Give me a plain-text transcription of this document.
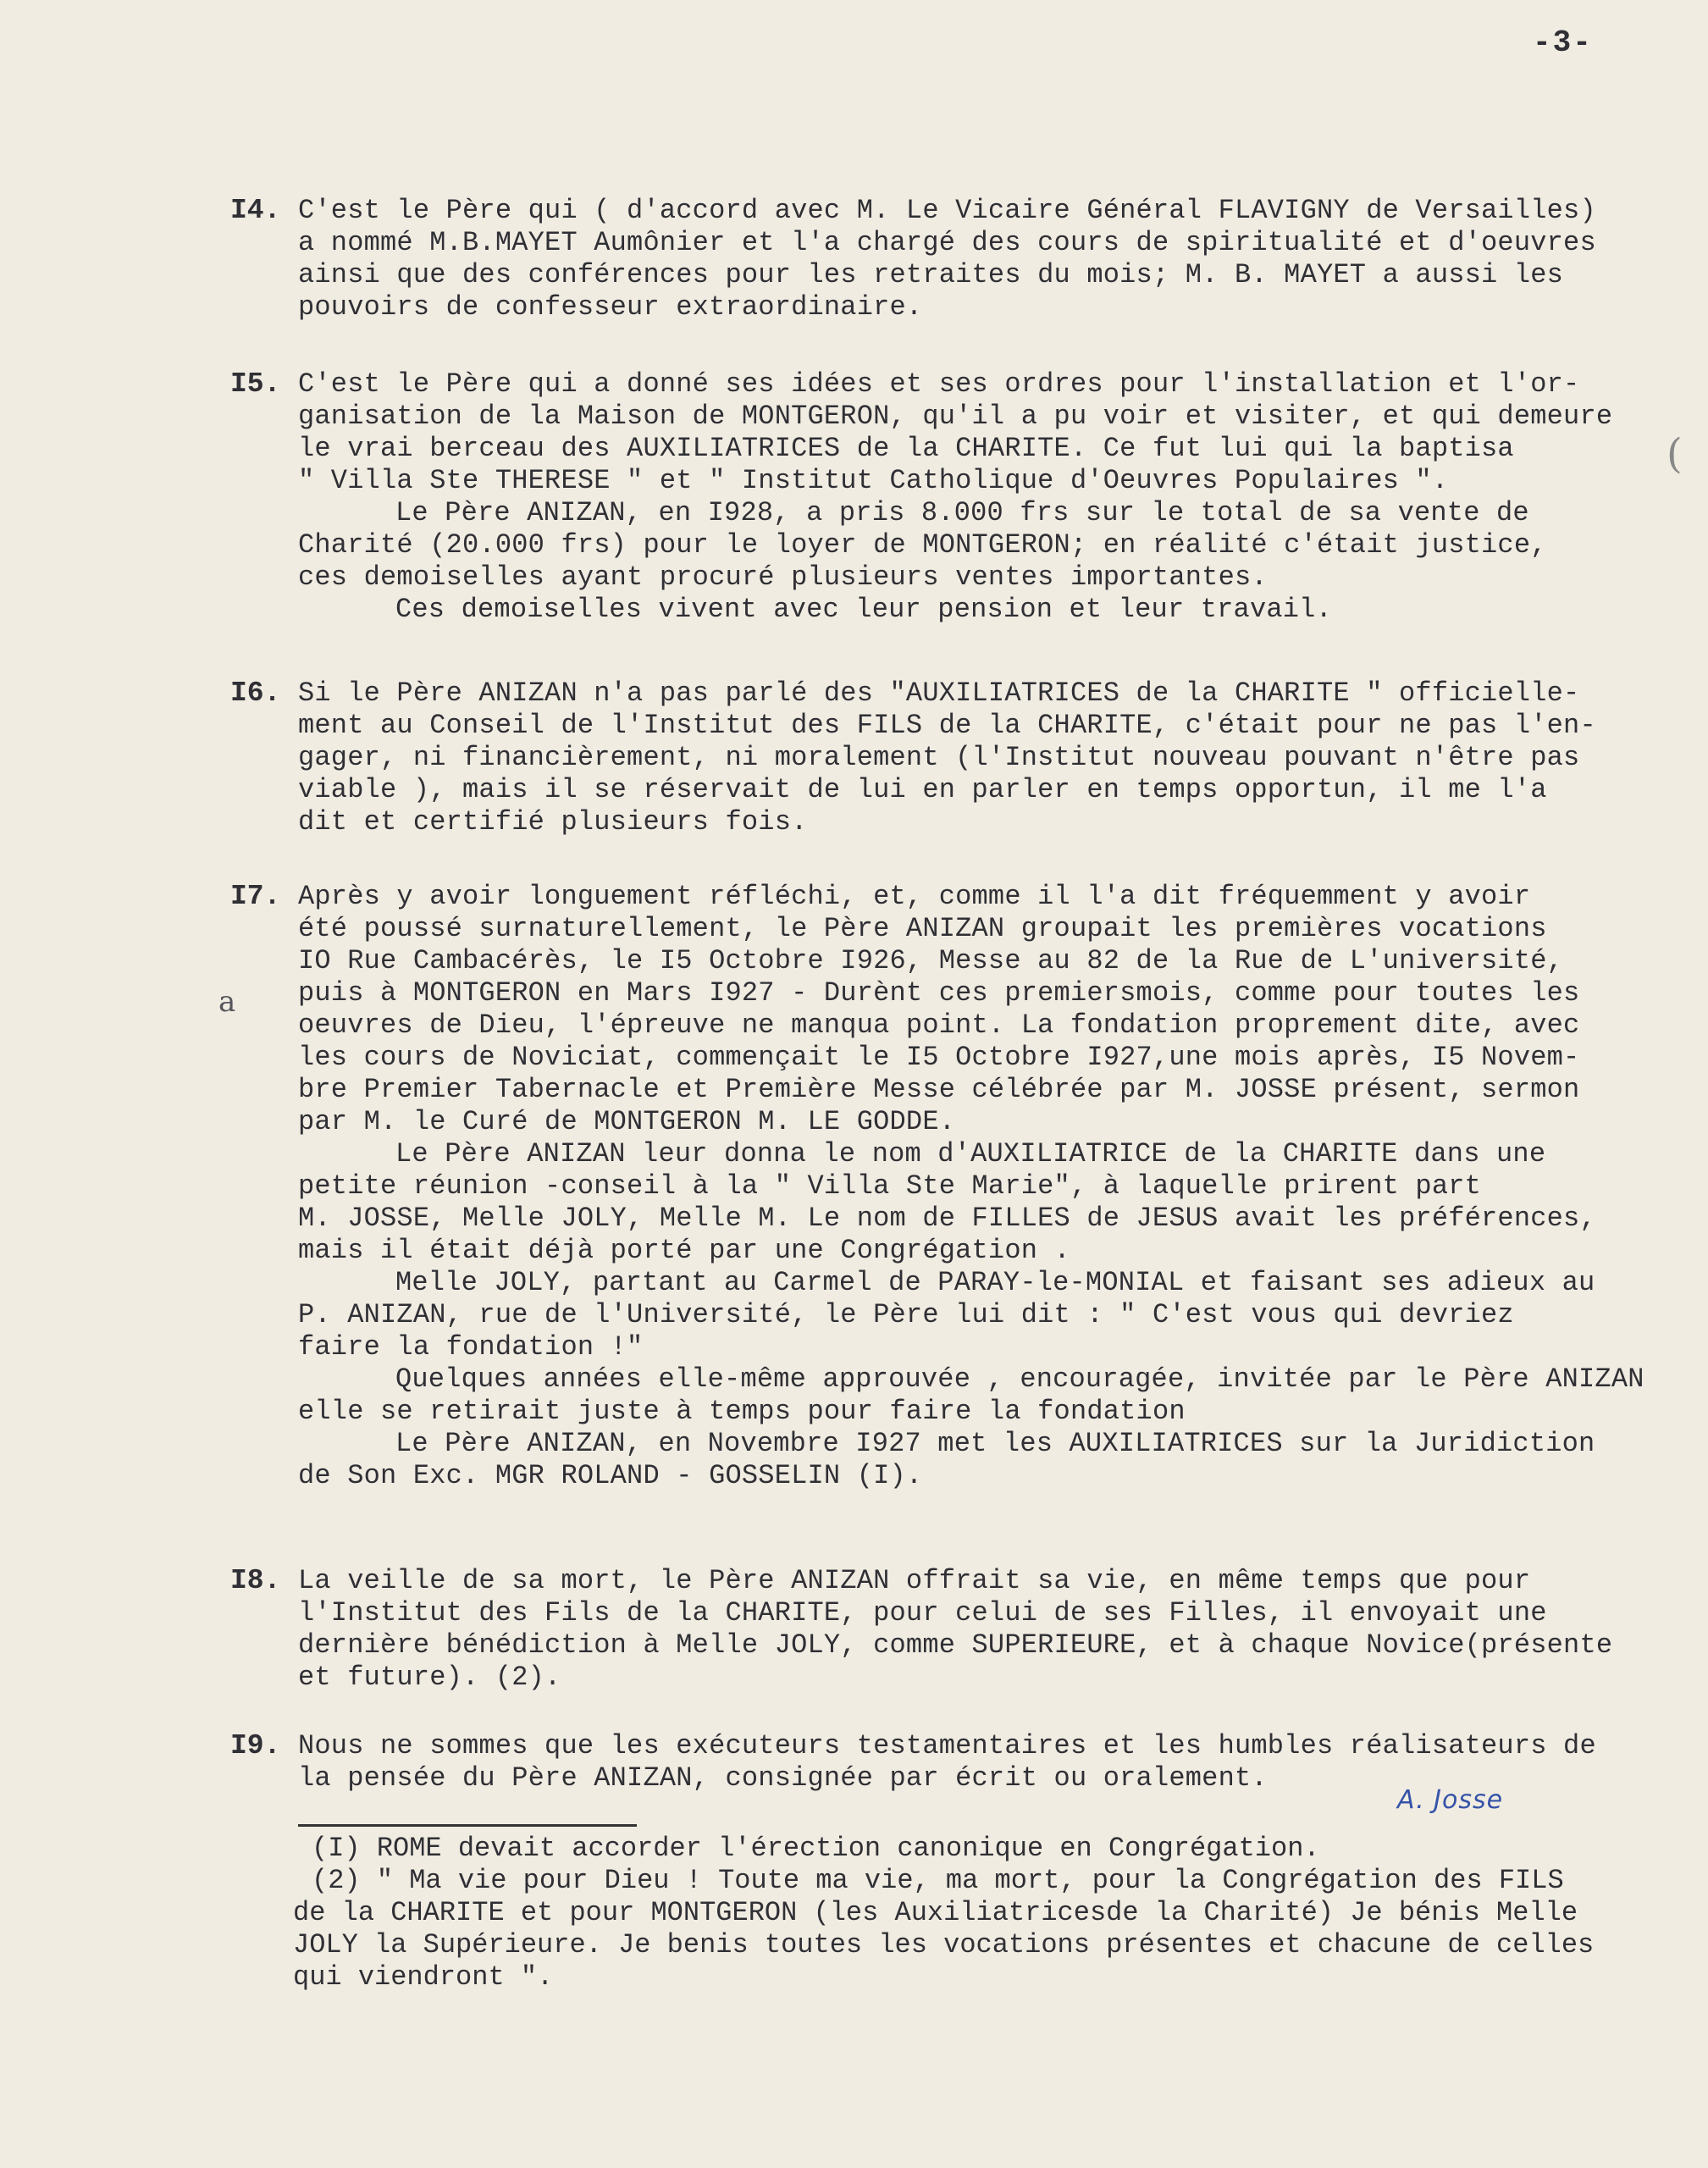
-3-
(
I4. C'est le Père qui ( d'accord avec M. Le Vicaire Général FLAVIGNY de Versailles)
a nommé M.B.MAYET Aumônier et l'a chargé des cours de spiritualité et d'oeuvres
ainsi que des conférences pour les retraites du mois; M. B. MAYET a aussi les
pouvoirs de confesseur extraordinaire.
I5. C'est le Père qui a donné ses idées et ses ordres pour l'installation et l'or-
ganisation de la Maison de MONTGERON, qu'il a pu voir et visiter, et qui demeure
le vrai berceau des AUXILIATRICES de la CHARITE. Ce fut lui qui la baptisa
" Villa Ste THERESE " et " Institut Catholique d'Oeuvres Populaires ".
Le Père ANIZAN, en I928, a pris 8.000 frs sur le total de sa vente de
Charité (20.000 frs) pour le loyer de MONTGERON; en réalité c'était justice,
ces demoiselles ayant procuré plusieurs ventes importantes.
Ces demoiselles vivent avec leur pension et leur travail.
I6. Si le Père ANIZAN n'a pas parlé des "AUXILIATRICES de la CHARITE " officielle-
ment au Conseil de l'Institut des FILS de la CHARITE, c'était pour ne pas l'en-
gager, ni financièrement, ni moralement (l'Institut nouveau pouvant n'être pas
viable ), mais il se réservait de lui en parler en temps opportun, il me l'a
dit et certifié plusieurs fois.
I7. Après y avoir longuement réfléchi, et, comme il l'a dit fréquemment y avoir
été poussé surnaturellement, le Père ANIZAN groupait les premières vocations
IO Rue Cambacérès, le I5 Octobre I926, Messe au 82 de la Rue de L'université,
puis à MONTGERON en Mars I927 - Durènt ces premiersmois, comme pour toutes les
oeuvres de Dieu, l'épreuve ne manqua point. La fondation proprement dite, avec
les cours de Noviciat, commençait le I5 Octobre I927,une mois après, I5 Novem-
bre Premier Tabernacle et Première Messe célébrée par M. JOSSE présent, sermon
par M. le Curé de MONTGERON M. LE GODDE.
Le Père ANIZAN leur donna le nom d'AUXILIATRICE de la CHARITE dans une
petite réunion -conseil à la " Villa Ste Marie", à laquelle prirent part
M. JOSSE, Melle JOLY, Melle M. Le nom de FILLES de JESUS avait les préférences,
mais il était déjà porté par une Congrégation .
Melle JOLY, partant au Carmel de PARAY-le-MONIAL et faisant ses adieux au
P. ANIZAN, rue de l'Université, le Père lui dit : " C'est vous qui devriez
faire la fondation !"
Quelques années elle-même approuvée , encouragée, invitée par le Père ANIZAN
elle se retirait juste à temps pour faire la fondation
Le Père ANIZAN, en Novembre I927 met les AUXILIATRICES sur la Juridiction
de Son Exc. MGR ROLAND - GOSSELIN (I).
a
I8. La veille de sa mort, le Père ANIZAN offrait sa vie, en même temps que pour
l'Institut des Fils de la CHARITE, pour celui de ses Filles, il envoyait une
dernière bénédiction à Melle JOLY, comme SUPERIEURE, et à chaque Novice(présente
et future). (2).
I9. Nous ne sommes que les exécuteurs testamentaires et les humbles réalisateurs de
la pensée du Père ANIZAN, consignée par écrit ou oralement.
A. Josse
(I) ROME devait accorder l'érection canonique en Congrégation.
(2) " Ma vie pour Dieu ! Toute ma vie, ma mort, pour la Congrégation des FILS
de la CHARITE et pour MONTGERON (les Auxiliatricesde la Charité) Je bénis Melle
JOLY la Supérieure. Je benis toutes les vocations présentes et chacune de celles
qui viendront ".
